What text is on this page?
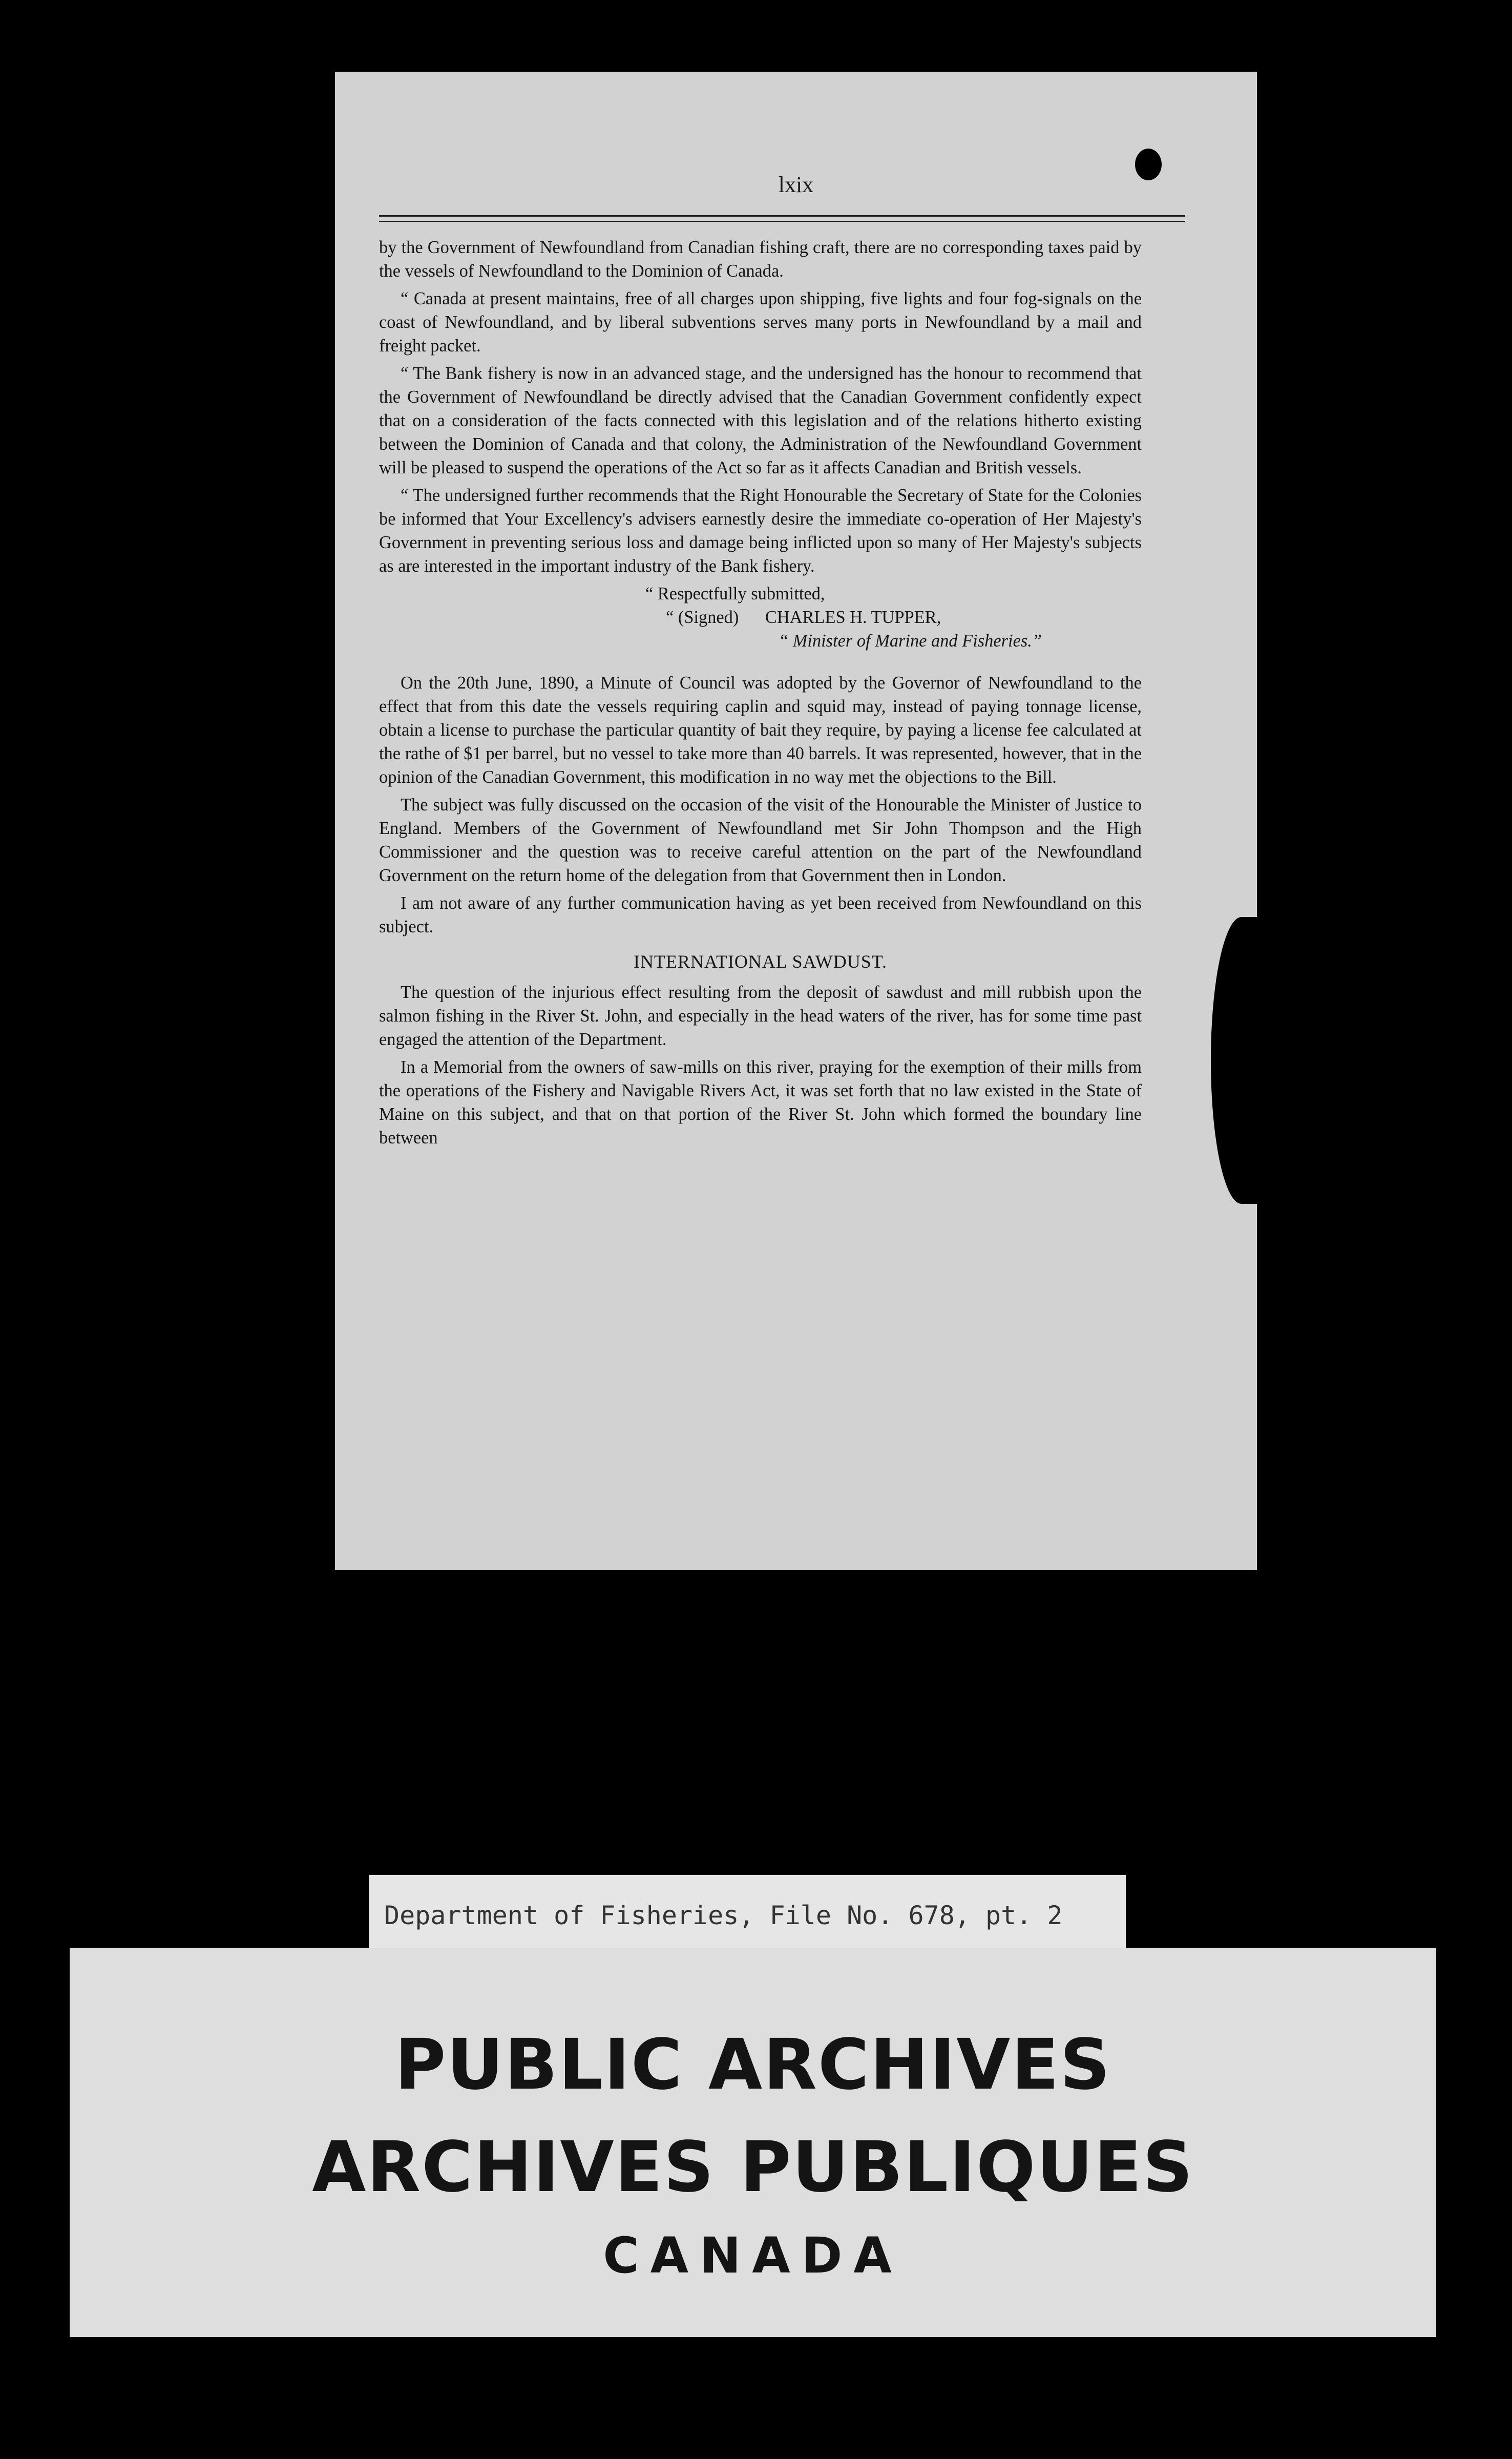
lxix

by the Government of Newfoundland from Canadian fishing craft, there are no corresponding taxes paid by the vessels of Newfoundland to the Dominion of Canada.

“ Canada at present maintains, free of all charges upon shipping, five lights and four fog-signals on the coast of Newfoundland, and by liberal subventions serves many ports in Newfoundland by a mail and freight packet.

“ The Bank fishery is now in an advanced stage, and the undersigned has the honour to recommend that the Government of Newfoundland be directly advised that the Canadian Government confidently expect that on a consideration of the facts connected with this legislation and of the relations hitherto existing between the Dominion of Canada and that colony, the Administration of the Newfoundland Government will be pleased to suspend the operations of the Act so far as it affects Canadian and British vessels.

“ The undersigned further recommends that the Right Honourable the Secretary of State for the Colonies be informed that Your Excellency's advisers earnestly desire the immediate co-operation of Her Majesty's Government in preventing serious loss and damage being inflicted upon so many of Her Majesty's subjects as are interested in the important industry of the Bank fishery.

“ Respectfully submitted,
“ (Signed)      CHARLES H. TUPPER,
“ Minister of Marine and Fisheries.”

On the 20th June, 1890, a Minute of Council was adopted by the Governor of Newfoundland to the effect that from this date the vessels requiring caplin and squid may, instead of paying tonnage license, obtain a license to purchase the particular quantity of bait they require, by paying a license fee calculated at the rathe of $1 per barrel, but no vessel to take more than 40 barrels. It was represented, however, that in the opinion of the Canadian Government, this modification in no way met the objections to the Bill.

The subject was fully discussed on the occasion of the visit of the Honourable the Minister of Justice to England. Members of the Government of Newfoundland met Sir John Thompson and the High Commissioner and the question was to receive careful attention on the part of the Newfoundland Government on the return home of the delegation from that Government then in London.

I am not aware of any further communication having as yet been received from Newfoundland on this subject.

INTERNATIONAL SAWDUST.

The question of the injurious effect resulting from the deposit of sawdust and mill rubbish upon the salmon fishing in the River St. John, and especially in the head waters of the river, has for some time past engaged the attention of the Department.

In a Memorial from the owners of saw-mills on this river, praying for the exemption of their mills from the operations of the Fishery and Navigable Rivers Act, it was set forth that no law existed in the State of Maine on this subject, and that on that portion of the River St. John which formed the boundary line between

Department of Fisheries, File No. 678, pt. 2
PUBLIC ARCHIVES
ARCHIVES PUBLIQUES
CANADA
